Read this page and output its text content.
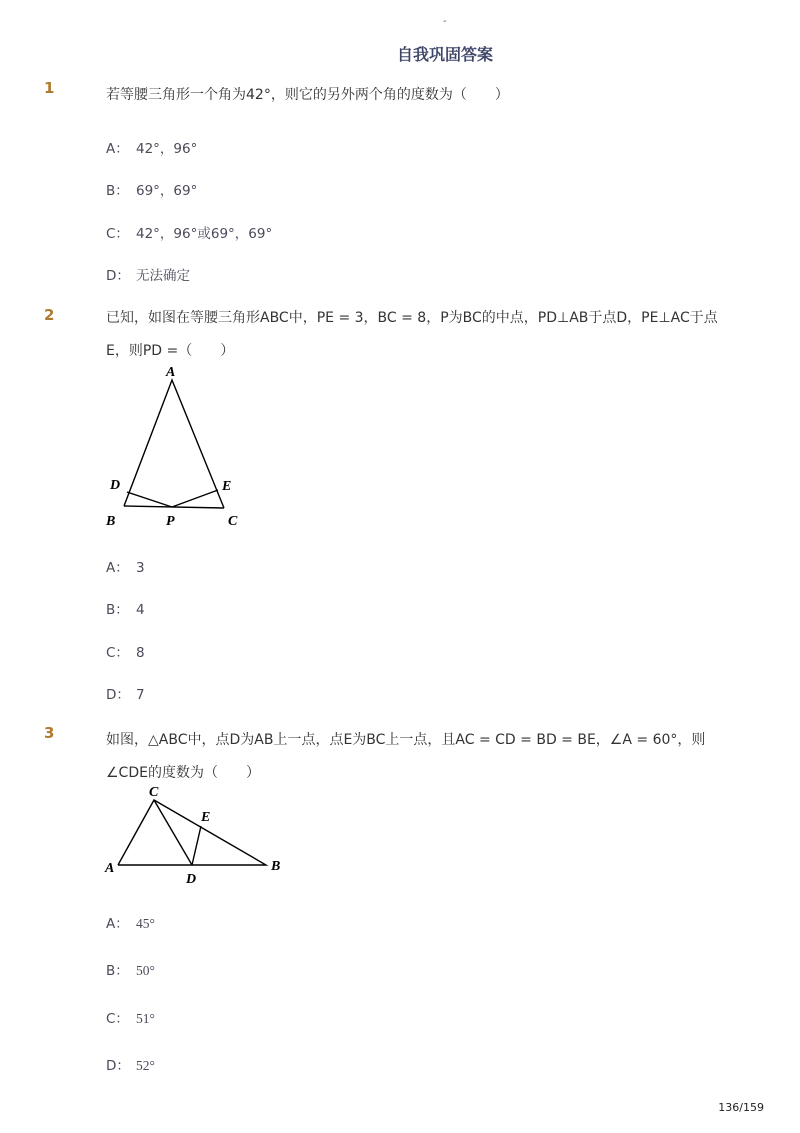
-
自我巩固答案
1	若等腰三角形一个角为42°，则它的另外两个角的度数为（　　）
A： 42°，96°
B： 69°，69°
C： 42°，96°或69°，69°
D： 无法确定
2	已知，如图在等腰三角形ABC中，PE = 3，BC = 8，P为BC的中点，PD⊥AB于点D，PE⊥AC于点
E，则PD =（　　）
A
D	E
B	P	C
A： 3
B： 4
C： 8
D： 7
3	如图，△ABC中，点D为AB上一点，点E为BC上一点，且AC = CD = BD = BE，∠A = 60°，则
∠CDE的度数为（　　）
C
E
A
D
B
A： 45°
B： 50°
C： 51°
D： 52°
136/159
